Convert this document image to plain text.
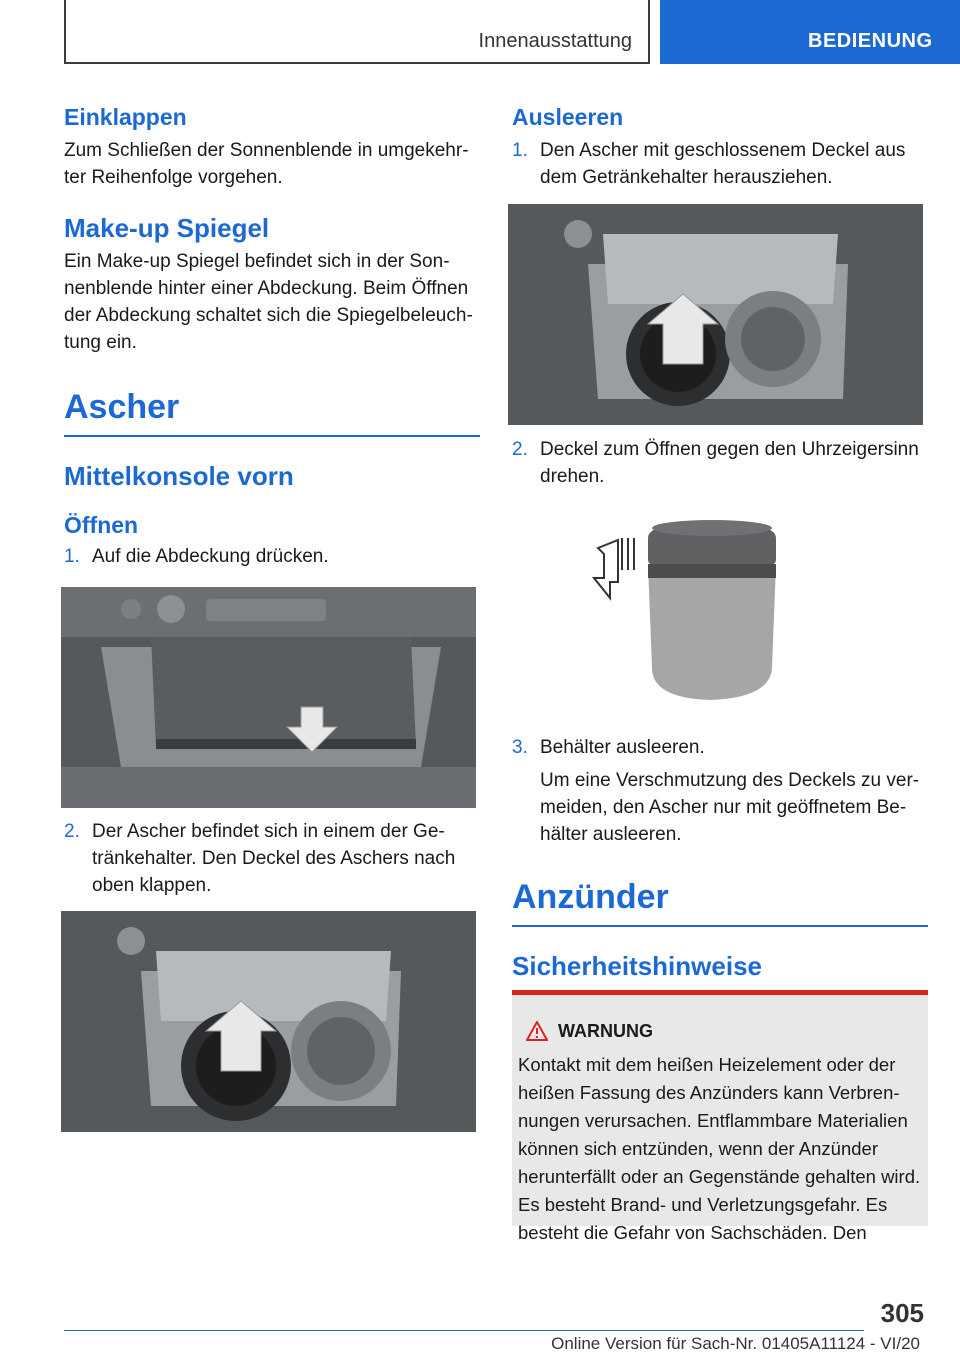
Innenausstattung	BEDIENUNG
Einklappen

Zum Schließen der Sonnenblende in umgekehrter Reihenfolge vorgehen.

Make-up Spiegel

Ein Make-up Spiegel befindet sich in der Sonnenblende hinter einer Abdeckung. Beim Öffnen der Abdeckung schaltet sich die Spiegelbeleuchtung ein.

Ascher
Mittelkonsole vorn
Öffnen
1. Auf die Abdeckung drücken.
2. Der Ascher befindet sich in einem der Getränkehalter. Den Deckel des Aschers nach oben klappen.
Ausleeren
1. Den Ascher mit geschlossenem Deckel aus dem Getränkehalter herausziehen.
2. Deckel zum Öffnen gegen den Uhrzeigersinn drehen.
3. Behälter ausleeren.

Um eine Verschmutzung des Deckels zu vermeiden, den Ascher nur mit geöffnetem Behälter ausleeren.

Anzünder
Sicherheitshinweise
WARNUNG

Kontakt mit dem heißen Heizelement oder der heißen Fassung des Anzünders kann Verbrennungen verursachen. Entflammbare Materialien können sich entzünden, wenn der Anzünder herunterfällt oder an Gegenstände gehalten wird. Es besteht Brand- und Verletzungsgefahr. Es besteht die Gefahr von Sachschäden. Den

305
Online Version für Sach-Nr. 01405A11124 - VI/20
